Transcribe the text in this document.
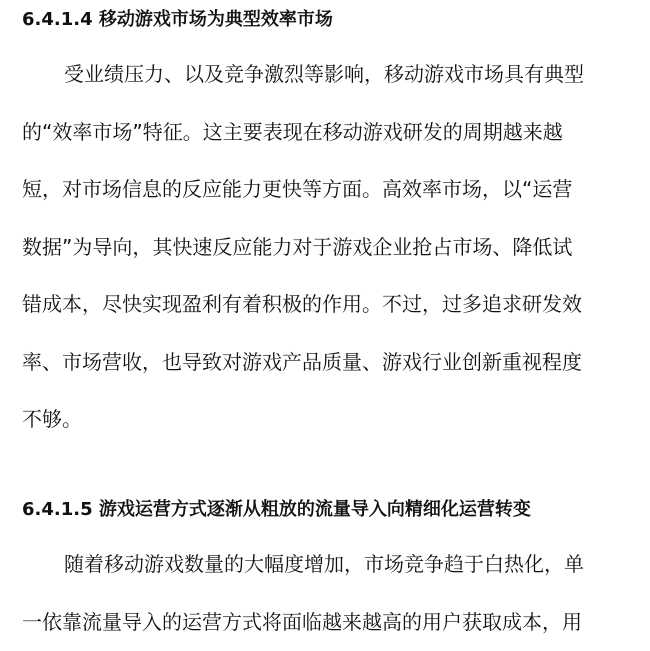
6.4.1.4 移动游戏市场为典型效率市场
受业绩压力、以及竞争激烈等影响，移动游戏市场具有典型
的“效率市场”特征。这主要表现在移动游戏研发的周期越来越
短，对市场信息的反应能力更快等方面。高效率市场，以“运营
数据”为导向，其快速反应能力对于游戏企业抢占市场、降低试
错成本，尽快实现盈利有着积极的作用。不过，过多追求研发效
率、市场营收，也导致对游戏产品质量、游戏行业创新重视程度
不够。
6.4.1.5 游戏运营方式逐渐从粗放的流量导入向精细化运营转变
随着移动游戏数量的大幅度增加，市场竞争趋于白热化，单
一依靠流量导入的运营方式将面临越来越高的用户获取成本，用
